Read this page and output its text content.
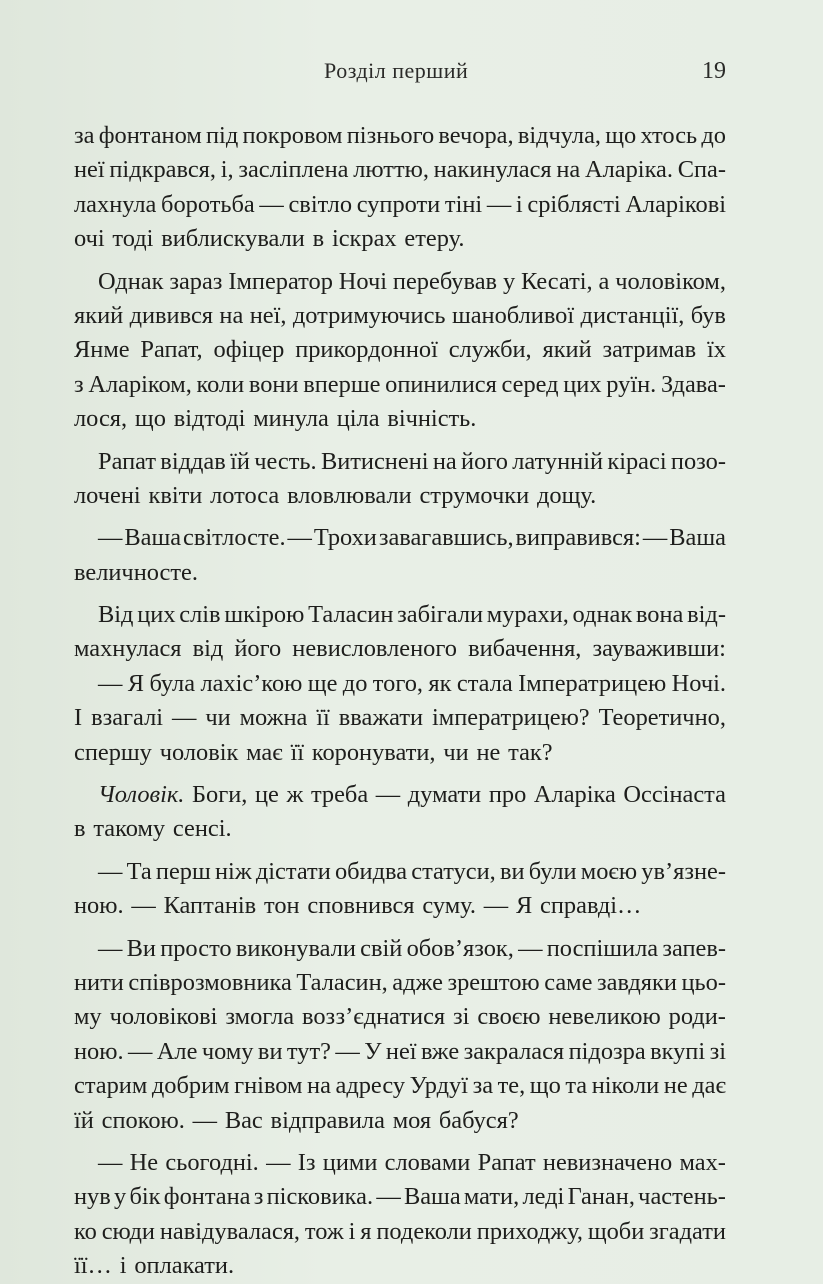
Розділ перший	19
за фонтаном під покровом пізнього вечора, відчула, що хтось до
неї підкрався, і, засліплена люттю, накинулася на Аларіка. Спа-
лахнула боротьба — світло супроти тіні — і сріблясті Аларікові
очі тоді виблискували в іскрах етеру.
Однак зараз Імператор Ночі перебував у Кесаті, а чоловіком,
який дивився на неї, дотримуючись шанобливої дистанції, був
Янме Рапат, офіцер прикордонної служби, який затримав їх
з Аларіком, коли вони вперше опинилися серед цих руїн. Здава-
лося, що відтоді минула ціла вічність.
Рапат віддав їй честь. Витиснені на його латунній кірасі позо-
лочені квіти лотоса вловлювали струмочки дощу.
— Ваша світлосте. — Трохи завагавшись, виправився: — Ваша
величносте.
Від цих слів шкірою Таласин забігали мурахи, однак вона від-
махнулася від його невисловленого вибачення, зауваживши:
— Я була лахіс’кою ще до того, як стала Імператрицею Ночі.
І взагалі — чи можна її вважати імператрицею? Теоретично,
спершу чоловік має її коронувати, чи не так?
Чоловік. Боги, це ж треба — думати про Аларіка Оссінаста
в такому сенсі.
— Та перш ніж дістати обидва статуси, ви були моєю ув’язне-
ною. — Каптанів тон сповнився суму. — Я справді…
— Ви просто виконували свій обов’язок, — поспішила запев-
нити співрозмовника Таласин, адже зрештою саме завдяки цьо-
му чоловікові змогла возз’єднатися зі своєю невеликою роди-
ною. — Але чому ви тут? — У неї вже закралася підозра вкупі зі
старим добрим гнівом на адресу Урдуї за те, що та ніколи не дає
їй спокою. — Вас відправила моя бабуся?
— Не сьогодні. — Із цими словами Рапат невизначено мах-
нув у бік фонтана з пісковика. — Ваша мати, леді Ганан, частень-
ко сюди навідувалася, тож і я подеколи приходжу, щоби згадати
її… і оплакати.
